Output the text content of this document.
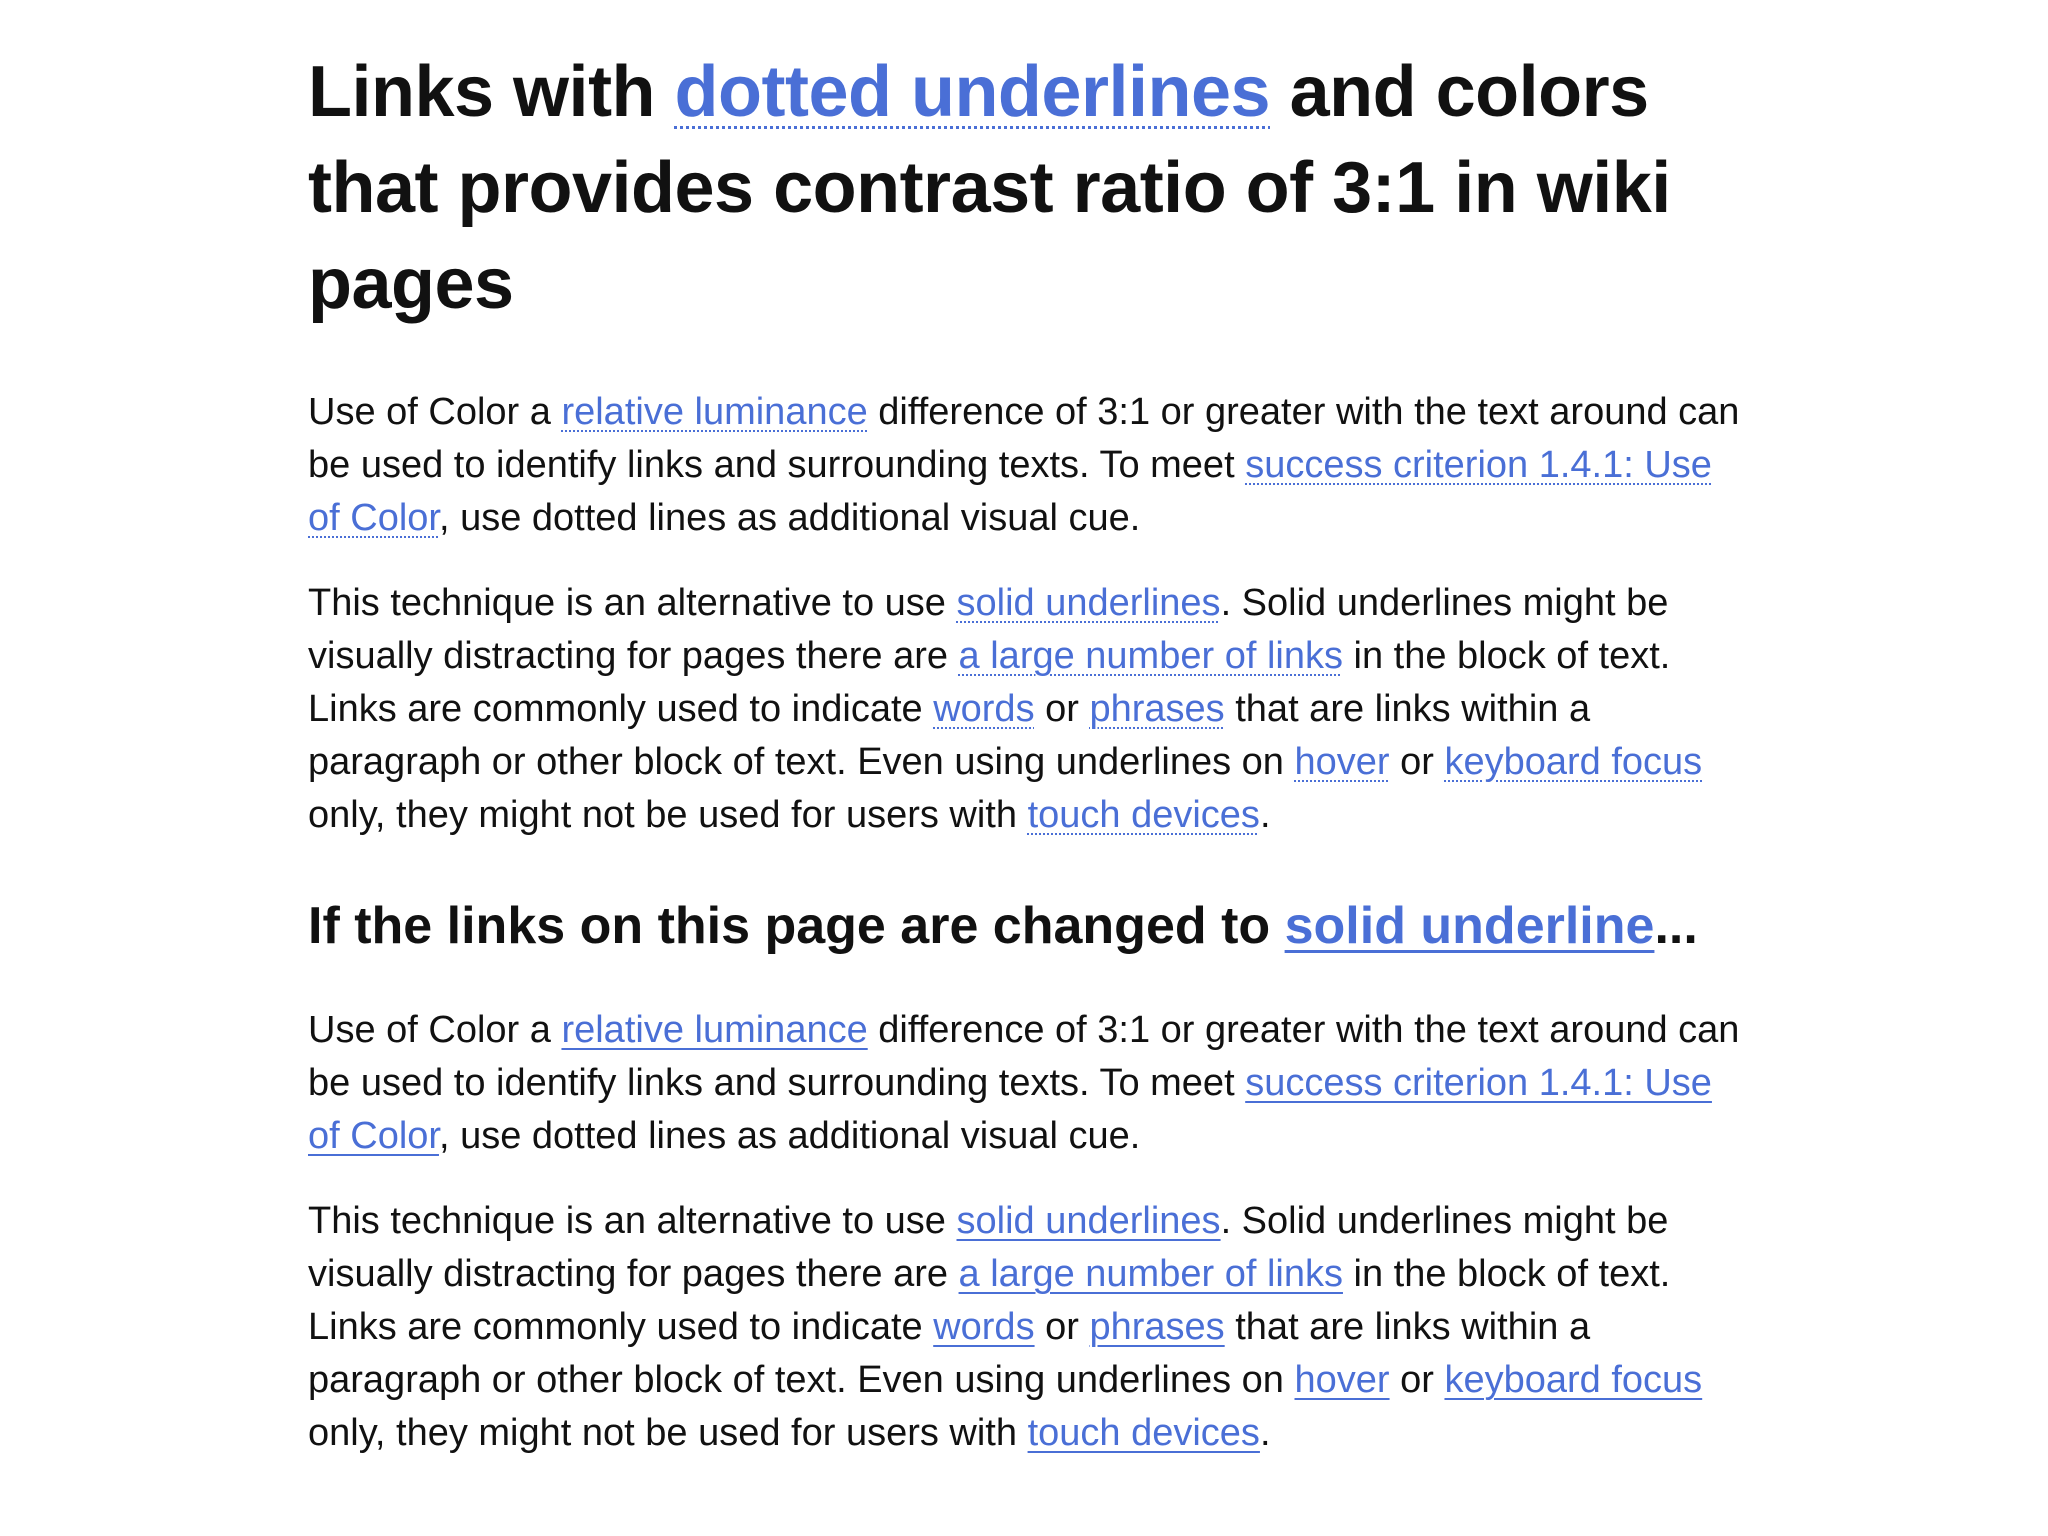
Links with dotted underlines and colors that provides contrast ratio of 3:1 in wiki pages

Use of Color a relative luminance difference of 3:1 or greater with the text around can be used to identify links and surrounding texts. To meet success criterion 1.4.1: Use of Color, use dotted lines as additional visual cue.

This technique is an alternative to use solid underlines. Solid underlines might be visually distracting for pages there are a large number of links in the block of text. Links are commonly used to indicate words or phrases that are links within a paragraph or other block of text. Even using underlines on hover or keyboard focus only, they might not be used for users with touch devices.

If the links on this page are changed to solid underline...

Use of Color a relative luminance difference of 3:1 or greater with the text around can be used to identify links and surrounding texts. To meet success criterion 1.4.1: Use of Color, use dotted lines as additional visual cue.

This technique is an alternative to use solid underlines. Solid underlines might be visually distracting for pages there are a large number of links in the block of text. Links are commonly used to indicate words or phrases that are links within a paragraph or other block of text. Even using underlines on hover or keyboard focus only, they might not be used for users with touch devices.
